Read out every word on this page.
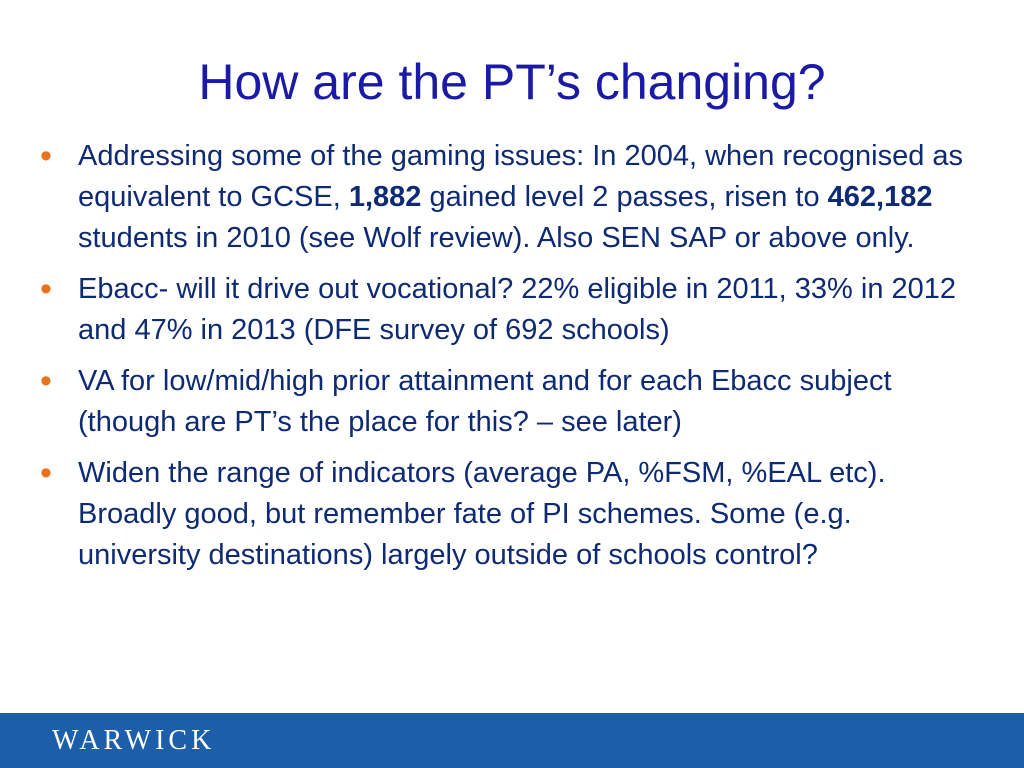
How are the PT’s changing?
• Addressing some of the gaming issues: In 2004, when recognised as equivalent to GCSE, 1,882 gained level 2 passes, risen to 462,182 students in 2010 (see Wolf review). Also SEN SAP or above only.
• Ebacc- will it drive out vocational? 22% eligible in 2011, 33% in 2012 and 47% in 2013 (DFE survey of 692 schools)
• VA for low/mid/high prior attainment and for each Ebacc subject (though are PT’s the place for this? – see later)
• Widen the range of indicators (average PA, %FSM, %EAL etc). Broadly good, but remember fate of PI schemes. Some (e.g. university destinations) largely outside of schools control?
WARWICK
